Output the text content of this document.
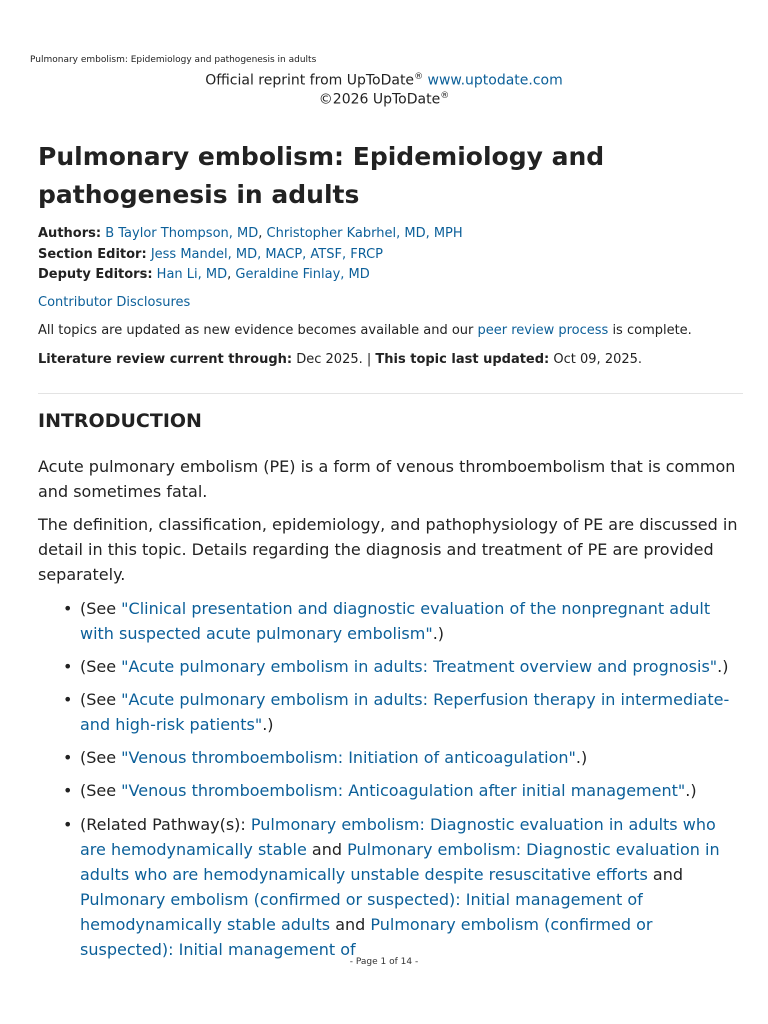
Pulmonary embolism: Epidemiology and pathogenesis in adults
Official reprint from UpToDate® www.uptodate.com
©2026 UpToDate®
Pulmonary embolism: Epidemiology and pathogenesis in adults
Authors: B Taylor Thompson, MD, Christopher Kabrhel, MD, MPH
Section Editor: Jess Mandel, MD, MACP, ATSF, FRCP
Deputy Editors: Han Li, MD, Geraldine Finlay, MD
Contributor Disclosures
All topics are updated as new evidence becomes available and our peer review process is complete.
Literature review current through: Dec 2025. | This topic last updated: Oct 09, 2025.
INTRODUCTION

Acute pulmonary embolism (PE) is a form of venous thromboembolism that is common and sometimes fatal.

The definition, classification, epidemiology, and pathophysiology of PE are discussed in detail in this topic. Details regarding the diagnosis and treatment of PE are provided separately.

• (See "Clinical presentation and diagnostic evaluation of the nonpregnant adult with suspected acute pulmonary embolism".)
• (See "Acute pulmonary embolism in adults: Treatment overview and prognosis".)
• (See "Acute pulmonary embolism in adults: Reperfusion therapy in intermediate- and high-risk patients".)
• (See "Venous thromboembolism: Initiation of anticoagulation".)
• (See "Venous thromboembolism: Anticoagulation after initial management".)
• (Related Pathway(s): Pulmonary embolism: Diagnostic evaluation in adults who are hemodynamically stable and Pulmonary embolism: Diagnostic evaluation in adults who are hemodynamically unstable despite resuscitative efforts and Pulmonary embolism (confirmed or suspected): Initial management of hemodynamically stable adults and Pulmonary embolism (confirmed or suspected): Initial management of
- Page 1 of 14 -
